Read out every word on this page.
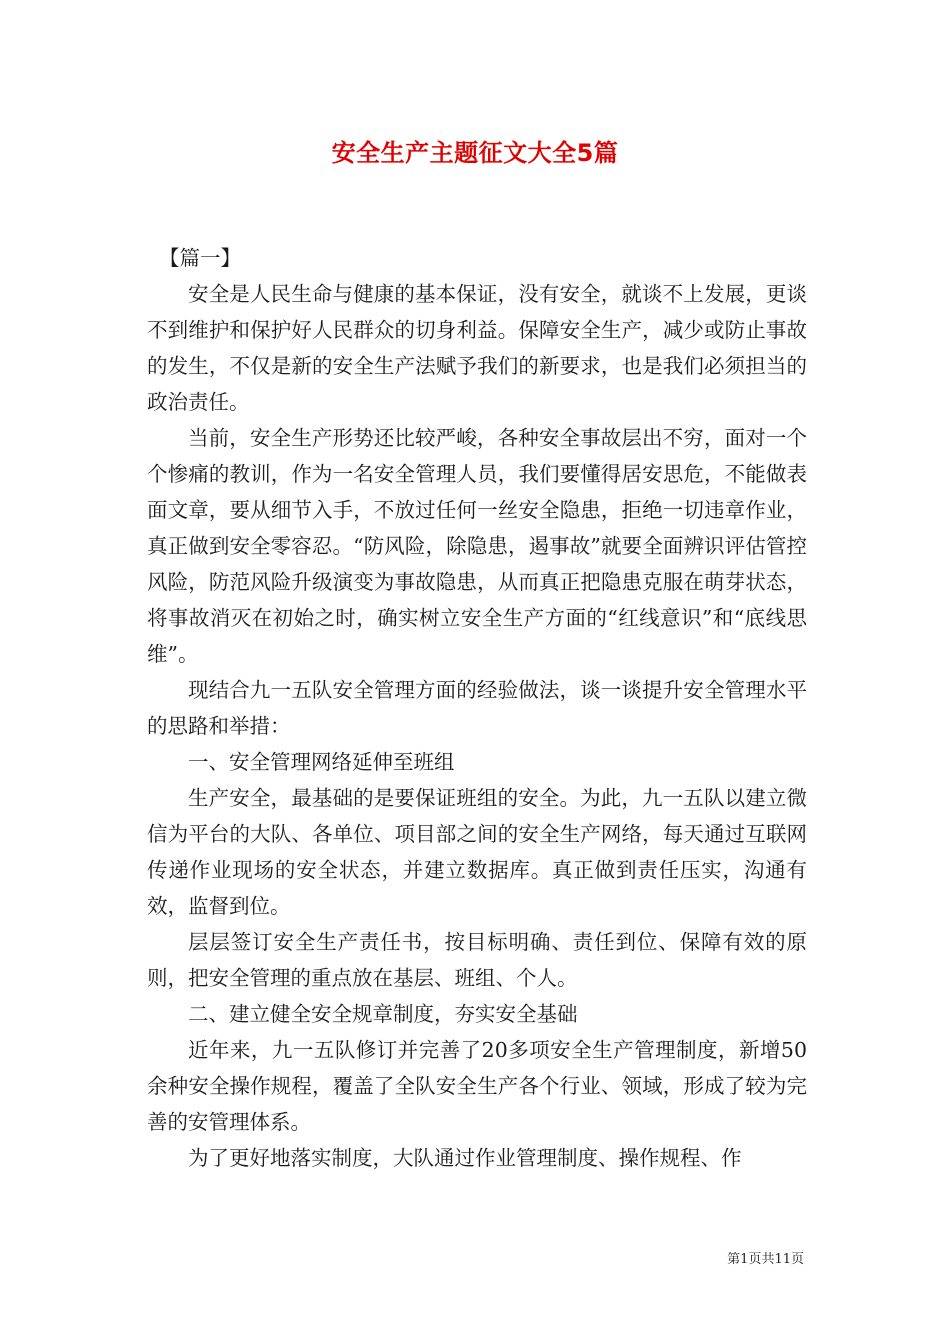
安全生产主题征文大全5篇

【篇一】

安全是人民生命与健康的基本保证，没有安全，就谈不上发展，更谈不到维护和保护好人民群众的切身利益。保障安全生产，减少或防止事故的发生，不仅是新的安全生产法赋予我们的新要求，也是我们必须担当的政治责任。

当前，安全生产形势还比较严峻，各种安全事故层出不穷，面对一个个惨痛的教训，作为一名安全管理人员，我们要懂得居安思危，不能做表面文章，要从细节入手，不放过任何一丝安全隐患，拒绝一切违章作业，真正做到安全零容忍。“防风险，除隐患，遏事故”就要全面辨识评估管控风险，防范风险升级演变为事故隐患，从而真正把隐患克服在萌芽状态，将事故消灭在初始之时，确实树立安全生产方面的“红线意识”和“底线思维”。

现结合九一五队安全管理方面的经验做法，谈一谈提升安全管理水平的思路和举措：

一、安全管理网络延伸至班组

生产安全，最基础的是要保证班组的安全。为此，九一五队以建立微信为平台的大队、各单位、项目部之间的安全生产网络，每天通过互联网传递作业现场的安全状态，并建立数据库。真正做到责任压实，沟通有效，监督到位。

层层签订安全生产责任书，按目标明确、责任到位、保障有效的原则，把安全管理的重点放在基层、班组、个人。

二、建立健全安全规章制度，夯实安全基础

近年来，九一五队修订并完善了20多项安全生产管理制度，新增50余种安全操作规程，覆盖了全队安全生产各个行业、领域，形成了较为完善的安管理体系。

为了更好地落实制度，大队通过作业管理制度、操作规程、作

第1页共11页
